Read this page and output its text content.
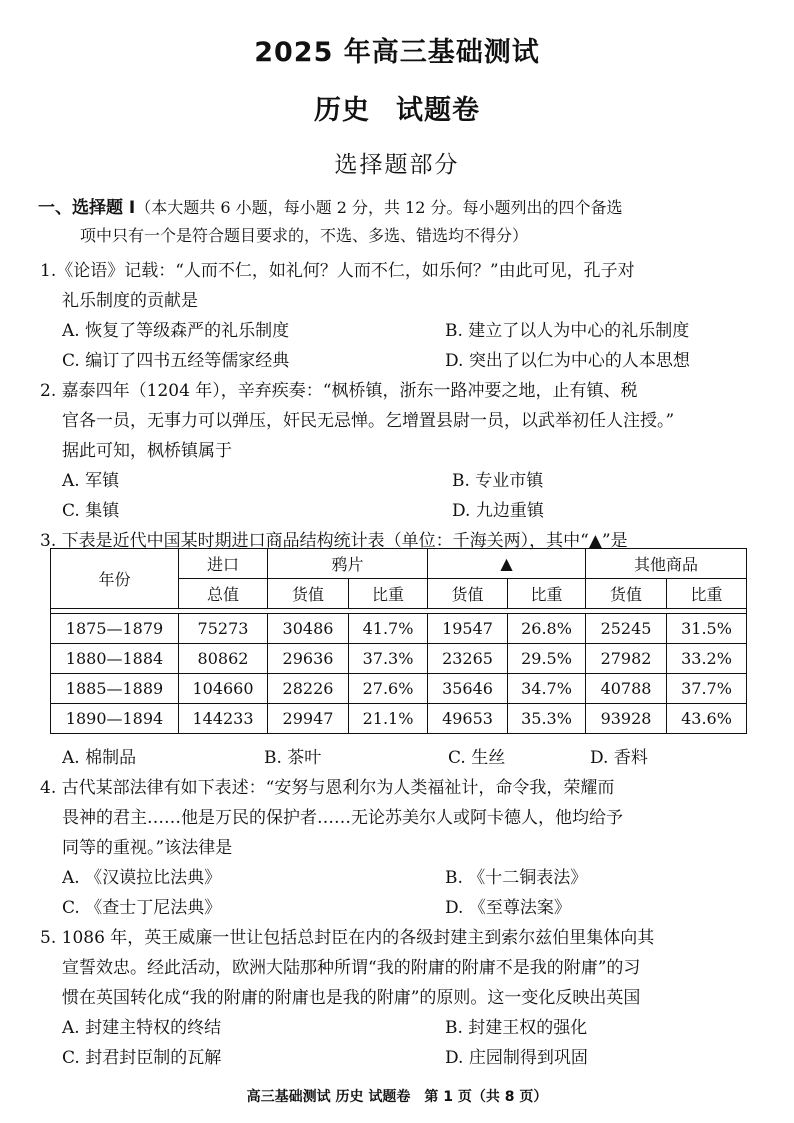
2025 年高三基础测试
历史 试题卷
选择题部分
一、选择题 I（本大题共 6 小题，每小题 2 分，共 12 分。每小题列出的四个备选
项中只有一个是符合题目要求的，不选、多选、错选均不得分）
1.《论语》记载：“人而不仁，如礼何？人而不仁，如乐何？”由此可见，孔子对
礼乐制度的贡献是
A. 恢复了等级森严的礼乐制度	B. 建立了以人为中心的礼乐制度
C. 编订了四书五经等儒家经典	D. 突出了以仁为中心的人本思想
2. 嘉泰四年（1204 年），辛弃疾奏：“枫桥镇，浙东一路冲要之地，止有镇、税
官各一员，无事力可以弹压，奸民无忌惮。乞增置县尉一员，以武举初任人注授。”
据此可知，枫桥镇属于
A. 军镇	B. 专业市镇
C. 集镇	D. 九边重镇
3. 下表是近代中国某时期进口商品结构统计表（单位：千海关两），其中“▲”是
年份	进口	鸦片		▲		其他商品	
	总值	货值	比重	货值	比重	货值	比重

1875—1879	75273	30486	41.7%	19547	26.8%	25245	31.5%
1880—1884	80862	29636	37.3%	23265	29.5%	27982	33.2%
1885—1889	104660	28226	27.6%	35646	34.7%	40788	37.7%
1890—1894	144233	29947	21.1%	49653	35.3%	93928	43.6%
A. 棉制品	B. 茶叶	C. 生丝	D. 香料
4. 古代某部法律有如下表述：“安努与恩利尔为人类福祉计，命令我，荣耀而
畏神的君主……他是万民的保护者……无论苏美尔人或阿卡德人，他均给予
同等的重视。”该法律是
A. 《汉谟拉比法典》	B. 《十二铜表法》
C. 《查士丁尼法典》	D. 《至尊法案》
5. 1086 年，英王威廉一世让包括总封臣在内的各级封建主到索尔兹伯里集体向其
宣誓效忠。经此活动，欧洲大陆那种所谓“我的附庸的附庸不是我的附庸”的习
惯在英国转化成“我的附庸的附庸也是我的附庸”的原则。这一变化反映出英国
A. 封建主特权的终结	B. 封建王权的强化
C. 封君封臣制的瓦解	D. 庄园制得到巩固
高三基础测试 历史 试题卷　第 1 页（共 8 页）
